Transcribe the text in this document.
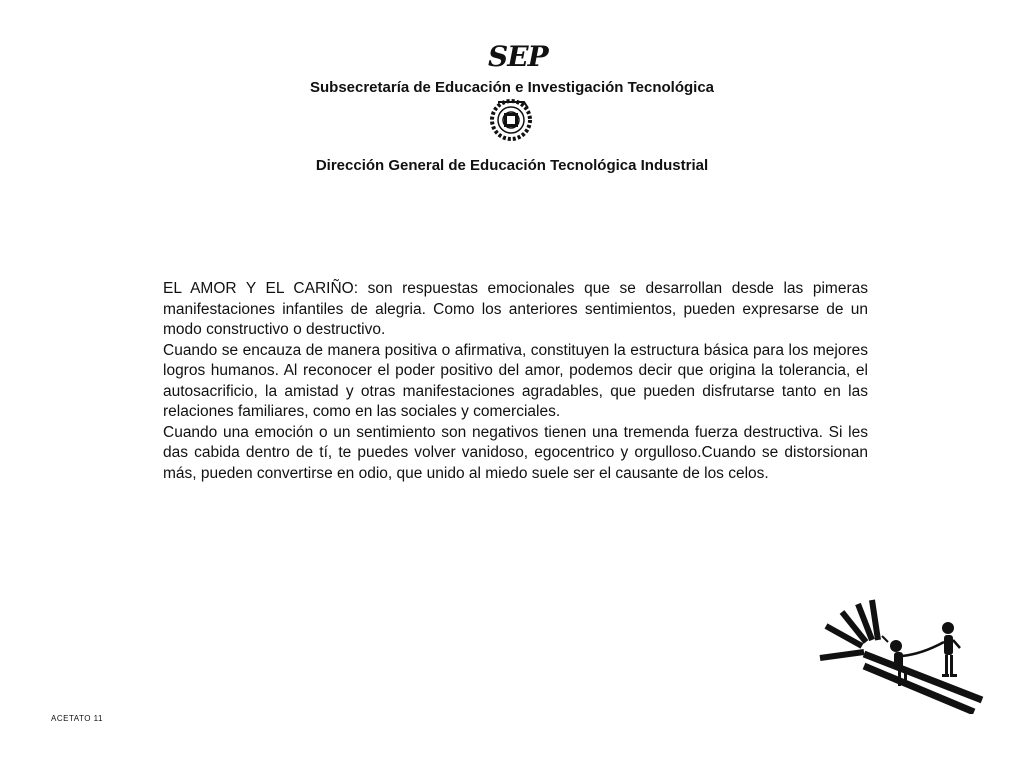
SEP
Subsecretaría de Educación e Investigación Tecnológica
Dirección General de Educación Tecnológica Industrial

EL AMOR Y EL CARIÑO: son respuestas emocionales que se desarrollan desde las pimeras manifestaciones infantiles de alegria. Como los anteriores sentimientos, pueden expresarse de un modo constructivo o destructivo.

Cuando se encauza de manera positiva o afirmativa, constituyen la estructura básica para los mejores logros humanos. Al reconocer el poder positivo del amor, podemos decir que origina la tolerancia, el autosacrificio, la amistad y otras manifestaciones agradables, que pueden disfrutarse tanto en las relaciones familiares, como en las sociales y comerciales.

Cuando una emoción o un sentimiento son negativos tienen una tremenda fuerza destructiva. Si les das cabida dentro de tí, te puedes volver vanidoso, egocentrico y orgulloso.Cuando se distorsionan más, pueden convertirse en odio, que unido al miedo suele ser el causante de los celos.

ACETATO 11
